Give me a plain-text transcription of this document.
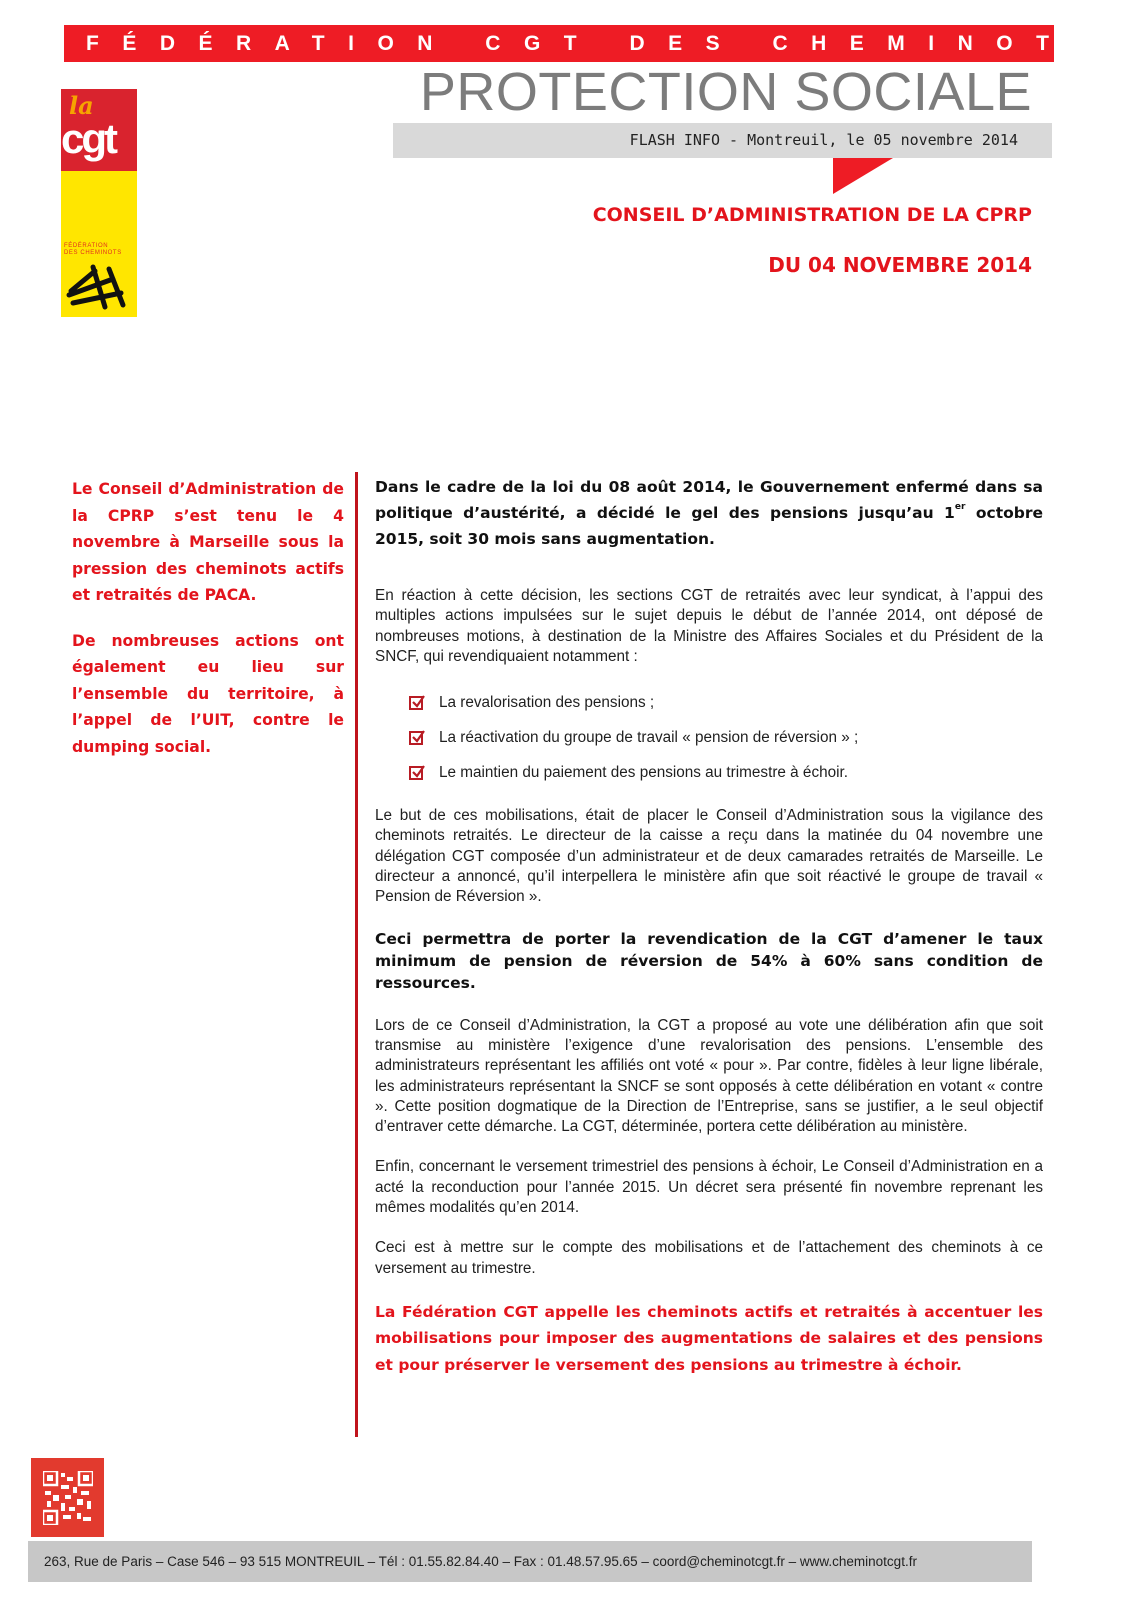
FÉDÉRATION CGT DES CHEMINOTS
la
cgt
FÉDÉRATION
DES CHEMINOTS
PROTECTION SOCIALE
FLASH INFO - Montreuil, le 05 novembre 2014
CONSEIL D’ADMINISTRATION DE LA CPRP
DU 04 NOVEMBRE 2014

Le Conseil d’Administration de la CPRP s’est tenu le 4 novembre à Marseille sous la pression des cheminots actifs et retraités de PACA.

De nombreuses actions ont également eu lieu sur l’ensemble du territoire, à l’appel de l’UIT, contre le dumping social.

Dans le cadre de la loi du 08 août 2014, le Gouvernement enfermé dans sa politique d’austérité, a décidé le gel des pensions jusqu’au 1er octobre 2015, soit 30 mois sans augmentation.

En réaction à cette décision, les sections CGT de retraités avec leur syndicat, à l’appui des multiples actions impulsées sur le sujet depuis le début de l’année 2014, ont déposé de nombreuses motions, à destination de la Ministre des Affaires Sociales et du Président de la SNCF, qui revendiquaient notamment :

La revalorisation des pensions ;
La réactivation du groupe de travail « pension de réversion » ;
Le maintien du paiement des pensions au trimestre à échoir.

Le but de ces mobilisations, était de placer le Conseil d’Administration sous la vigilance des cheminots retraités. Le directeur de la caisse a reçu dans la matinée du 04 novembre une délégation CGT composée d’un administrateur et de deux camarades retraités de Marseille. Le directeur a annoncé, qu’il interpellera le ministère afin que soit réactivé le groupe de travail « Pension de Réversion ».

Ceci permettra de porter la revendication de la CGT d’amener le taux minimum de pension de réversion de 54% à 60% sans condition de ressources.

Lors de ce Conseil d’Administration, la CGT a proposé au vote une délibération afin que soit transmise au ministère l’exigence d’une revalorisation des pensions. L’ensemble des administrateurs représentant les affiliés ont voté « pour ». Par contre, fidèles à leur ligne libérale, les administrateurs représentant la SNCF se sont opposés à cette délibération en votant « contre ». Cette position dogmatique de la Direction de l’Entreprise, sans se justifier, a le seul objectif d’entraver cette démarche. La CGT, déterminée, portera cette délibération au ministère.

Enfin, concernant le versement trimestriel des pensions à échoir, Le Conseil d’Administration en a acté la reconduction pour l’année 2015. Un décret sera présenté fin novembre reprenant les mêmes modalités qu’en 2014.

Ceci est à mettre sur le compte des mobilisations et de l’attachement des cheminots à ce versement au trimestre.

La Fédération CGT appelle les cheminots actifs et retraités à accentuer les mobilisations pour imposer des augmentations de salaires et des pensions et pour préserver le versement des pensions au trimestre à échoir.

263, Rue de Paris – Case 546 – 93 515 MONTREUIL – Tél : 01.55.82.84.40 – Fax : 01.48.57.95.65 – coord@cheminotcgt.fr – www.cheminotcgt.fr
